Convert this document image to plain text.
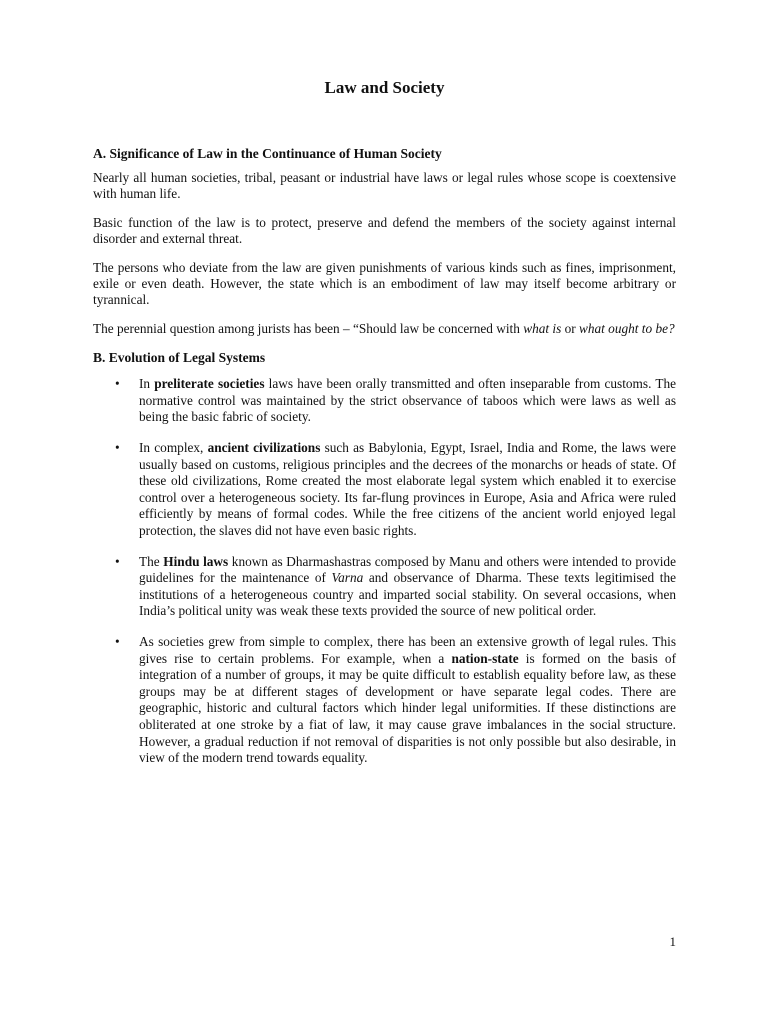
Law and Society
A. Significance of Law in the Continuance of Human Society

Nearly all human societies, tribal, peasant or industrial have laws or legal rules whose scope is coextensive with human life.

Basic function of the law is to protect, preserve and defend the members of the society against internal disorder and external threat.

The persons who deviate from the law are given punishments of various kinds such as fines, imprisonment, exile or even death. However, the state which is an embodiment of law may itself become arbitrary or tyrannical.

The perennial question among jurists has been – “Should law be concerned with what is or what ought to be?

B. Evolution of Legal Systems
• In preliterate societies laws have been orally transmitted and often inseparable from customs. The normative control was maintained by the strict observance of taboos which were laws as well as being the basic fabric of society.
• In complex, ancient civilizations such as Babylonia, Egypt, Israel, India and Rome, the laws were usually based on customs, religious principles and the decrees of the monarchs or heads of state. Of these old civilizations, Rome created the most elaborate legal system which enabled it to exercise control over a heterogeneous society. Its far-flung provinces in Europe, Asia and Africa were ruled efficiently by means of formal codes. While the free citizens of the ancient world enjoyed legal protection, the slaves did not have even basic rights.
• The Hindu laws known as Dharmashastras composed by Manu and others were intended to provide guidelines for the maintenance of Varna and observance of Dharma. These texts legitimised the institutions of a heterogeneous country and imparted social stability. On several occasions, when India’s political unity was weak these texts provided the source of new political order.
• As societies grew from simple to complex, there has been an extensive growth of legal rules. This gives rise to certain problems. For example, when a nation-state is formed on the basis of integration of a number of groups, it may be quite difficult to establish equality before law, as these groups may be at different stages of development or have separate legal codes. There are geographic, historic and cultural factors which hinder legal uniformities. If these distinctions are obliterated at one stroke by a fiat of law, it may cause grave imbalances in the social structure. However, a gradual reduction if not removal of disparities is not only possible but also desirable, in view of the modern trend towards equality.
1
